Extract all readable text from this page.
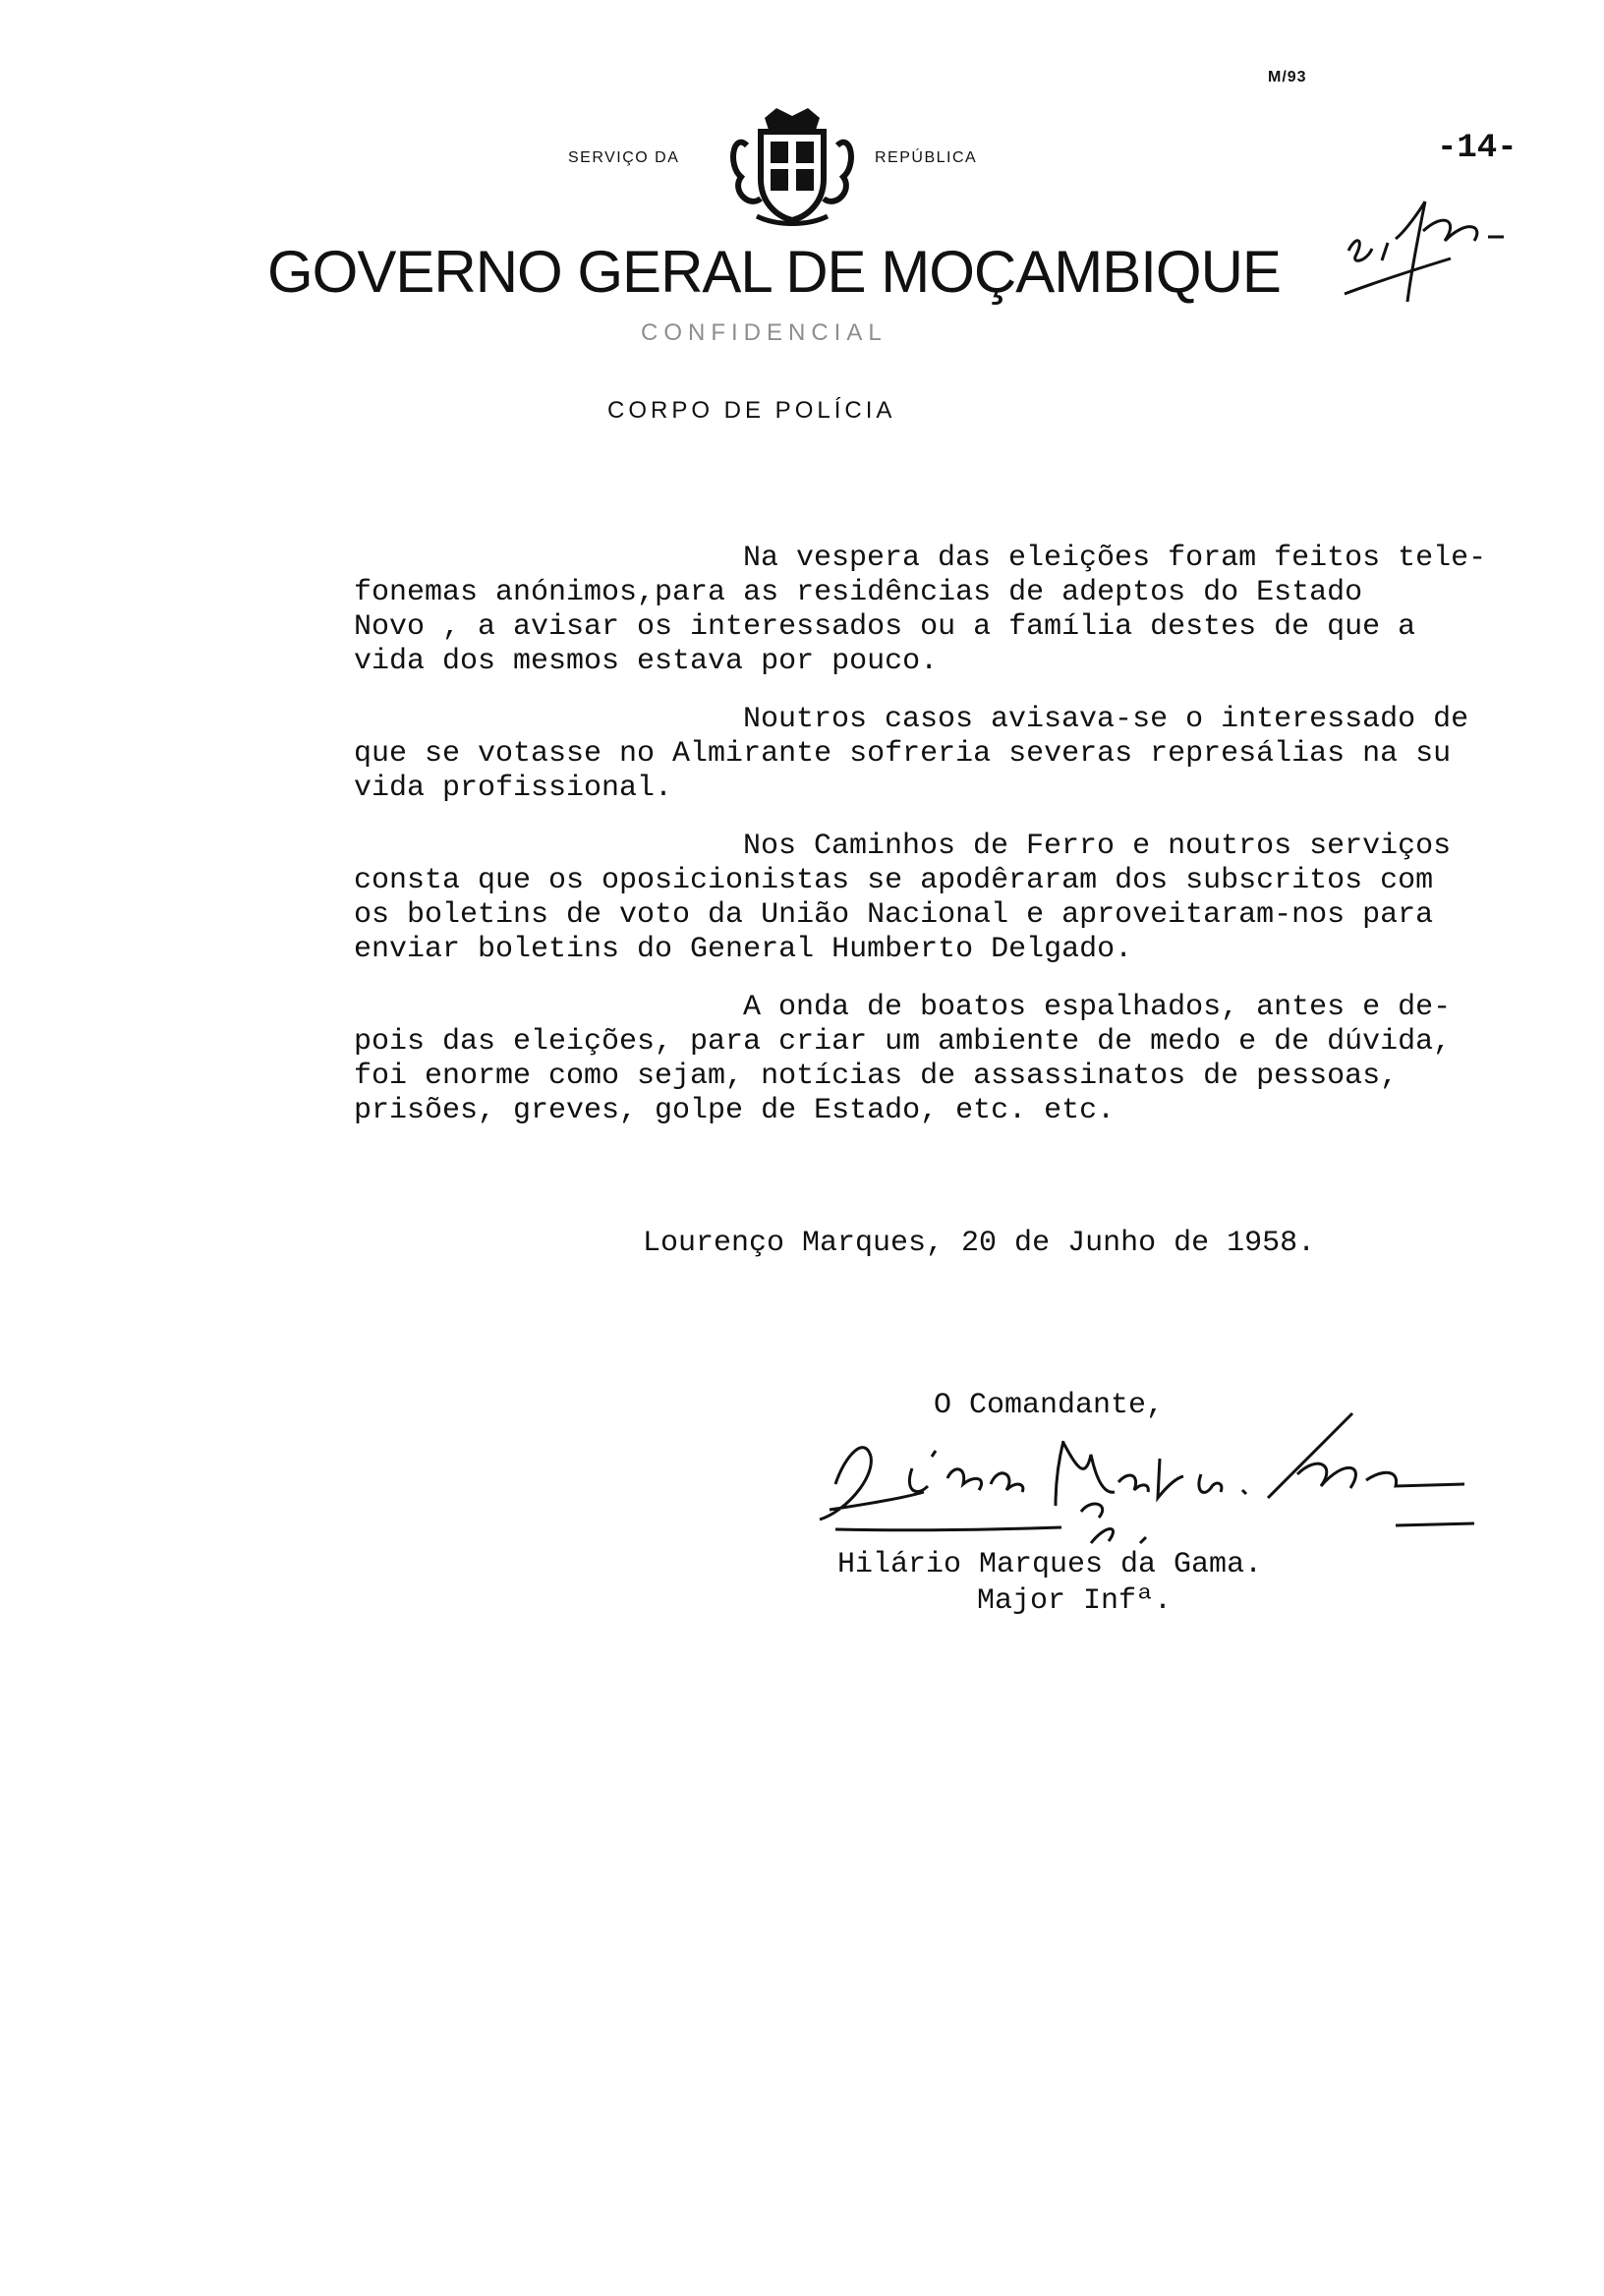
M/93
-14-
SERVIÇO DA	REPÚBLICA
GOVERNO GERAL DE MOÇAMBIQUE
CONFIDENCIAL
CORPO DE POLÍCIA
Na vespera das eleições foram feitos tele-
fonemas anónimos,para as residências de adeptos do Estado
Novo , a avisar os interessados ou a família destes de que a
vida dos mesmos estava por pouco.
Noutros casos avisava-se o interessado de
que se votasse no Almirante sofreria severas represálias na su
vida profissional.
Nos Caminhos de Ferro e noutros serviços
consta que os oposicionistas se apodêraram dos subscritos com
os boletins de voto da União Nacional e aproveitaram-nos para
enviar boletins do General Humberto Delgado.
A onda de boatos espalhados, antes e de-
pois das eleições, para criar um ambiente de medo e de dúvida,
foi enorme como sejam, notícias de assassinatos de pessoas,
prisões, greves, golpe de Estado, etc. etc.
Lourenço Marques, 20 de Junho de 1958.
O Comandante,
Hilário Marques da Gama.
Major Infª.
